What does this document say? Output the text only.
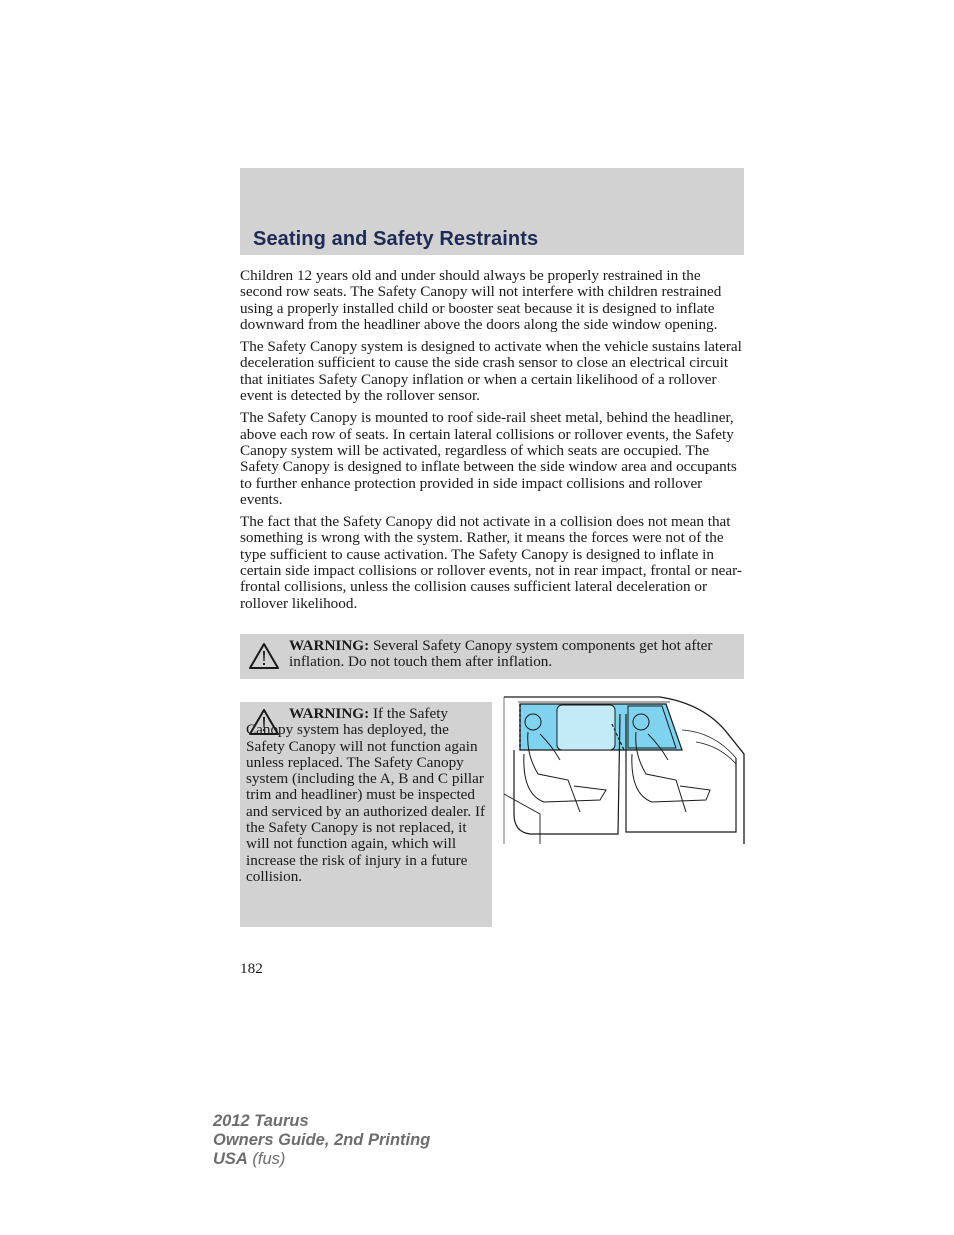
Seating and Safety Restraints

Children 12 years old and under should always be properly restrained in the second row seats. The Safety Canopy will not interfere with children restrained using a properly installed child or booster seat because it is designed to inflate downward from the headliner above the doors along the side window opening.

The Safety Canopy system is designed to activate when the vehicle sustains lateral deceleration sufficient to cause the side crash sensor to close an electrical circuit that initiates Safety Canopy inflation or when a certain likelihood of a rollover event is detected by the rollover sensor.

The Safety Canopy is mounted to roof side-rail sheet metal, behind the headliner, above each row of seats. In certain lateral collisions or rollover events, the Safety Canopy system will be activated, regardless of which seats are occupied. The Safety Canopy is designed to inflate between the side window area and occupants to further enhance protection provided in side impact collisions and rollover events.

The fact that the Safety Canopy did not activate in a collision does not mean that something is wrong with the system. Rather, it means the forces were not of the type sufficient to cause activation. The Safety Canopy is designed to inflate in certain side impact collisions or rollover events, not in rear impact, frontal or near-frontal collisions, unless the collision causes sufficient lateral deceleration or rollover likelihood.

WARNING: Several Safety Canopy system components get hot after inflation. Do not touch them after inflation.

WARNING: If the Safety Canopy system has deployed, the Safety Canopy will not function again unless replaced. The Safety Canopy system (including the A, B and C pillar trim and headliner) must be inspected and serviced by an authorized dealer. If the Safety Canopy is not replaced, it will not function again, which will increase the risk of injury in a future collision.

182
2012 Taurus
Owners Guide, 2nd Printing
USA (fus)
